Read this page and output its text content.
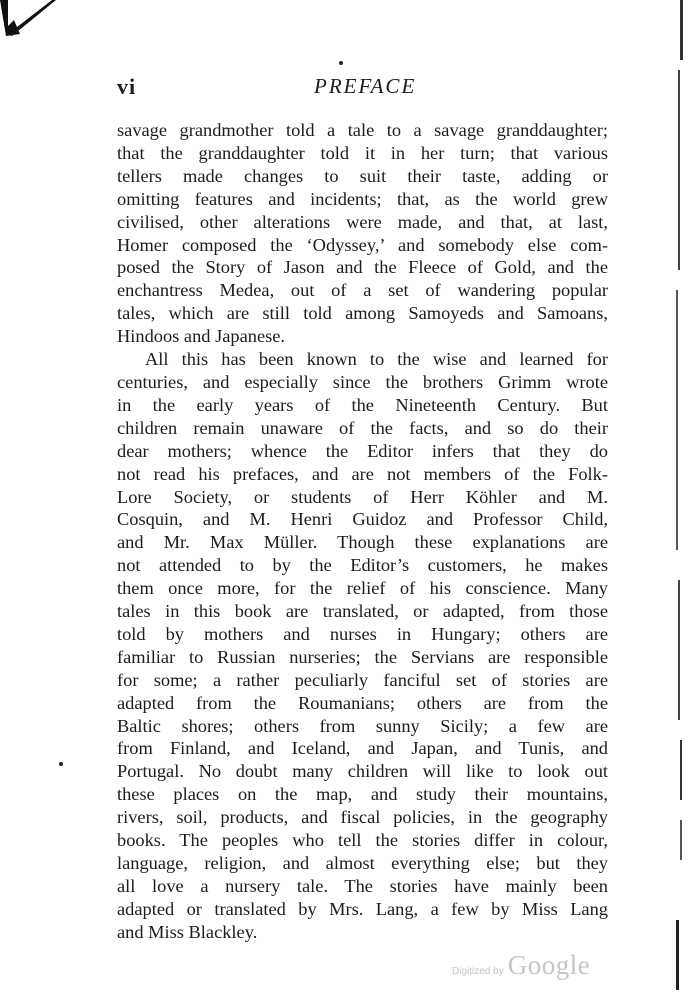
vi	PREFACE

savage grandmother told a tale to a savage granddaughter;
that the granddaughter told it in her turn; that various
tellers made changes to suit their taste, adding or
omitting features and incidents; that, as the world grew
civilised, other alterations were made, and that, at last,
Homer composed the ‘Odyssey,’ and somebody else com-
posed the Story of Jason and the Fleece of Gold, and the
enchantress Medea, out of a set of wandering popular
tales, which are still told among Samoyeds and Samoans,
Hindoos and Japanese.

All this has been known to the wise and learned for
centuries, and especially since the brothers Grimm wrote
in the early years of the Nineteenth Century. But
children remain unaware of the facts, and so do their
dear mothers; whence the Editor infers that they do
not read his prefaces, and are not members of the Folk-
Lore Society, or students of Herr Köhler and M.
Cosquin, and M. Henri Guidoz and Professor Child,
and Mr. Max Müller. Though these explanations are
not attended to by the Editor’s customers, he makes
them once more, for the relief of his conscience. Many
tales in this book are translated, or adapted, from those
told by mothers and nurses in Hungary; others are
familiar to Russian nurseries; the Servians are responsible
for some; a rather peculiarly fanciful set of stories are
adapted from the Roumanians; others are from the
Baltic shores; others from sunny Sicily; a few are
from Finland, and Iceland, and Japan, and Tunis, and
Portugal. No doubt many children will like to look out
these places on the map, and study their mountains,
rivers, soil, products, and fiscal policies, in the geography
books. The peoples who tell the stories differ in colour,
language, religion, and almost everything else; but they
all love a nursery tale. The stories have mainly been
adapted or translated by Mrs. Lang, a few by Miss Lang
and Miss Blackley.

Digitized by Google
